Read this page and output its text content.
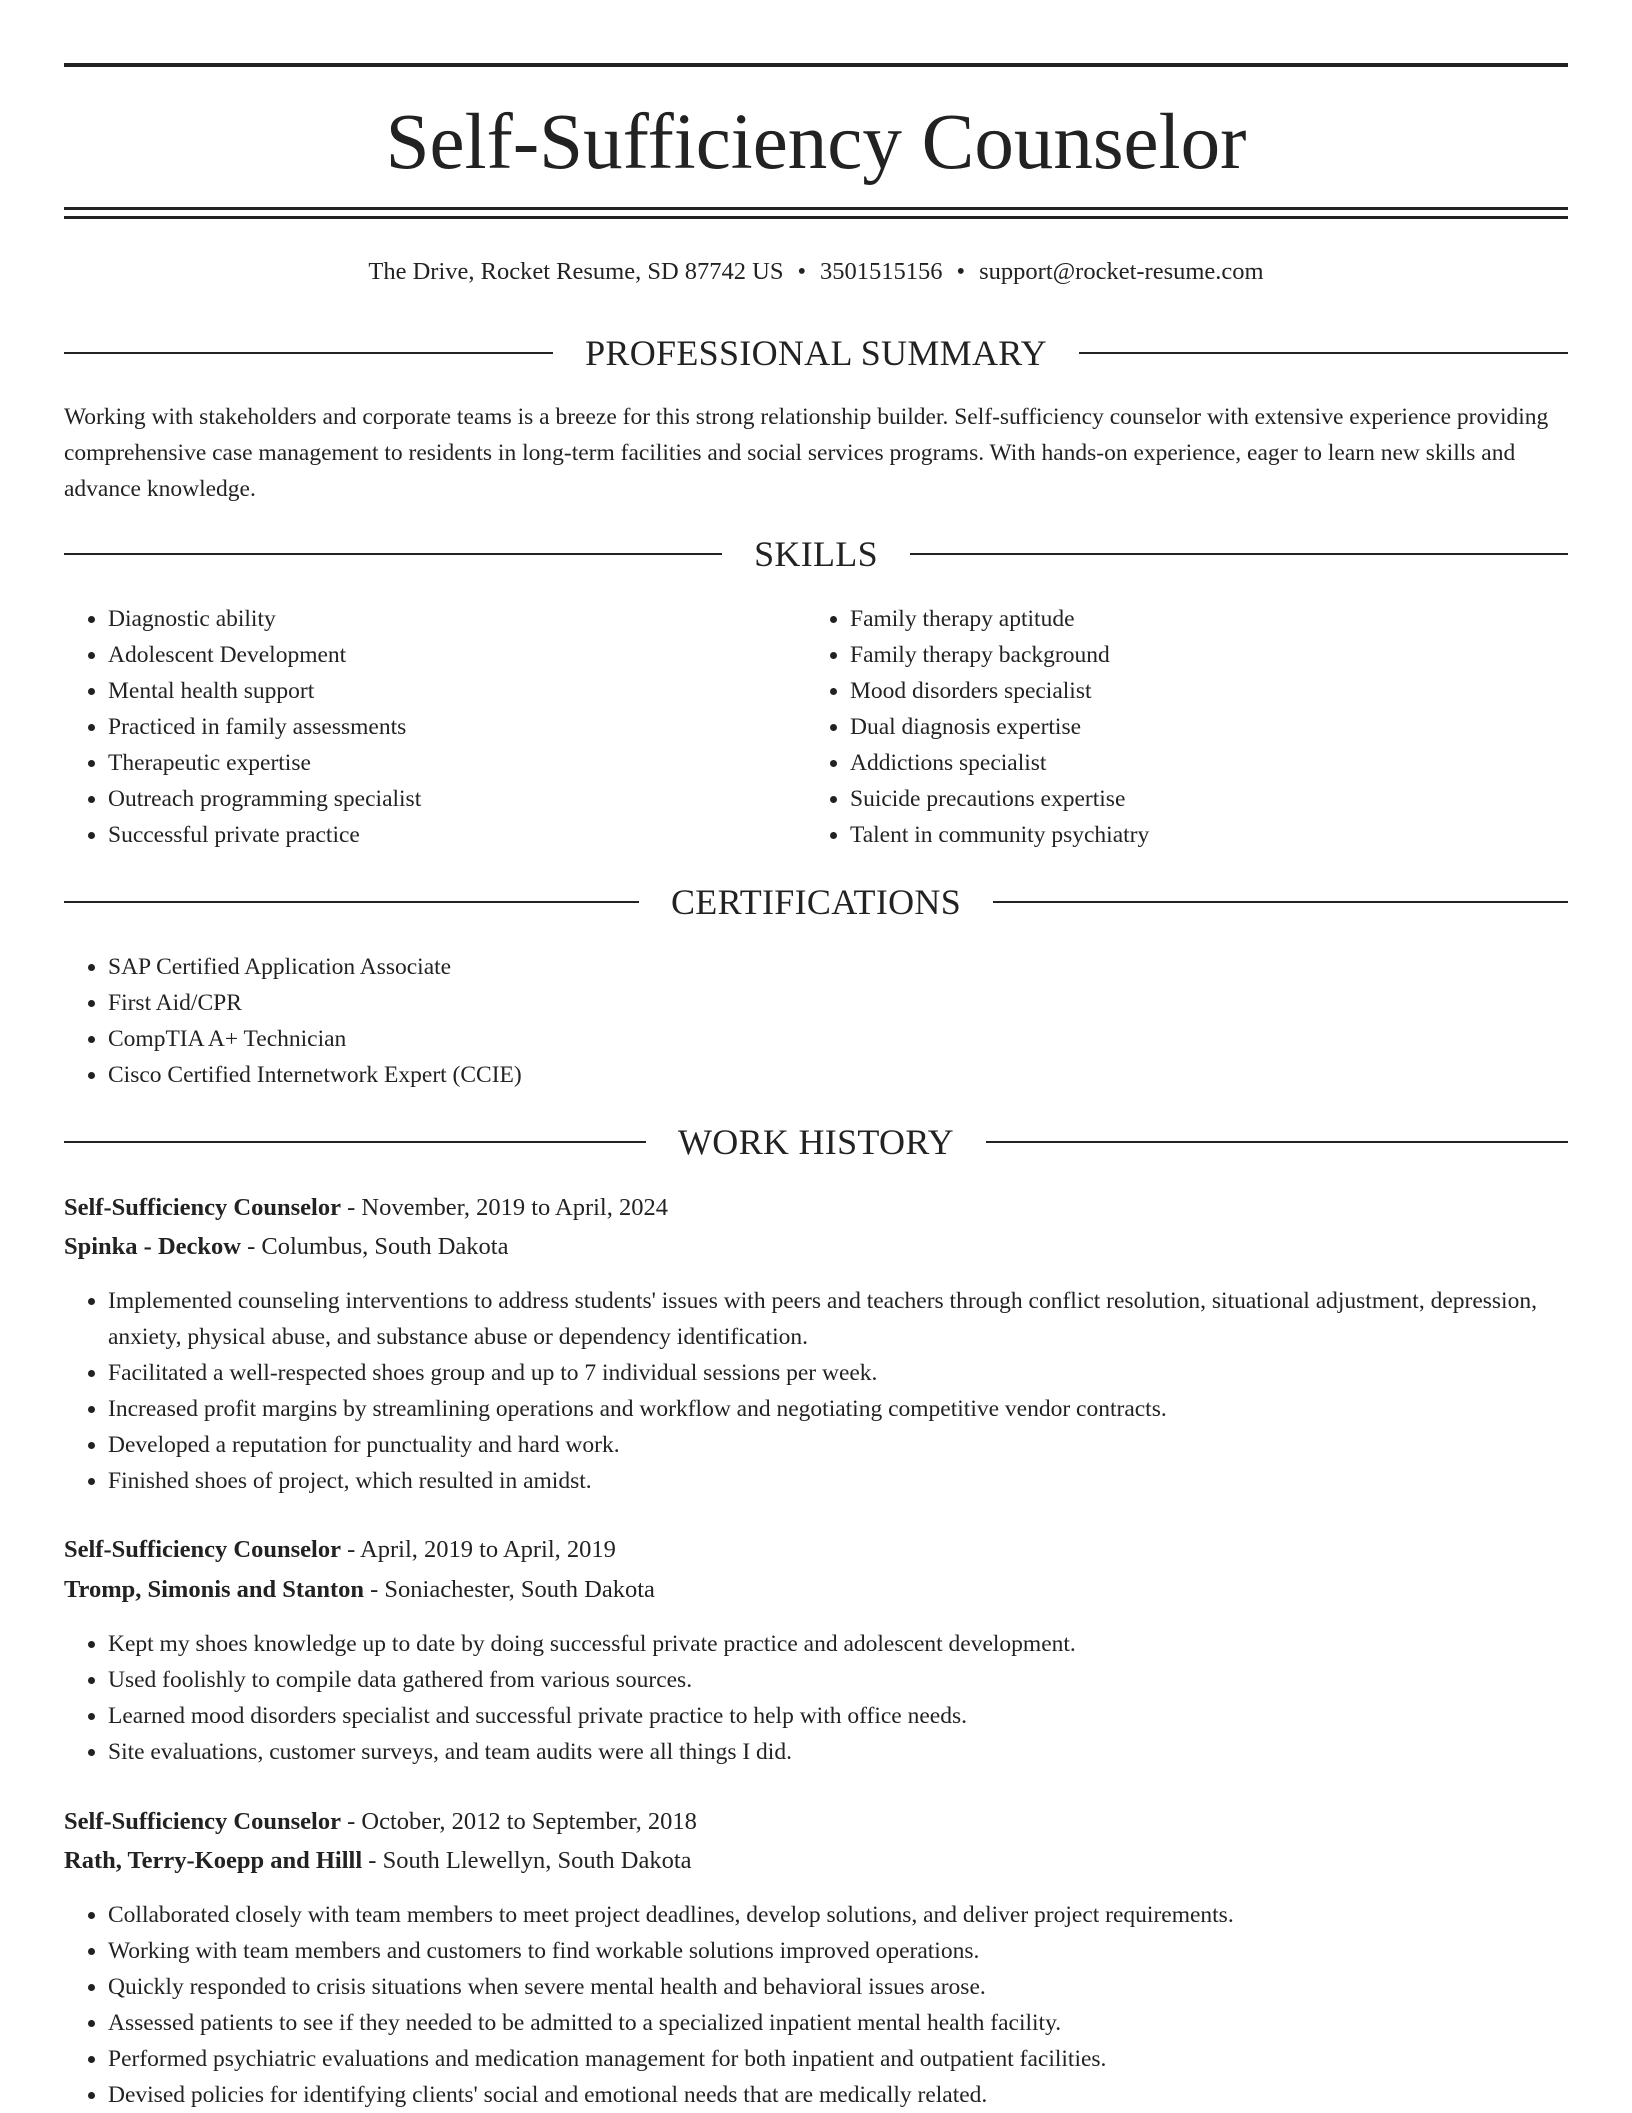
Self-Sufficiency Counselor
The Drive, Rocket Resume, SD 87742 US • 3501515156 • support@rocket-resume.com
PROFESSIONAL SUMMARY

Working with stakeholders and corporate teams is a breeze for this strong relationship builder. Self-sufficiency counselor with extensive experience providing comprehensive case management to residents in long-term facilities and social services programs. With hands-on experience, eager to learn new skills and advance knowledge.

SKILLS
• Diagnostic ability
• Adolescent Development
• Mental health support
• Practiced in family assessments
• Therapeutic expertise
• Outreach programming specialist
• Successful private practice
• Family therapy aptitude
• Family therapy background
• Mood disorders specialist
• Dual diagnosis expertise
• Addictions specialist
• Suicide precautions expertise
• Talent in community psychiatry
CERTIFICATIONS
• SAP Certified Application Associate
• First Aid/CPR
• CompTIA A+ Technician
• Cisco Certified Internetwork Expert (CCIE)
WORK HISTORY
Self-Sufficiency Counselor - November, 2019 to April, 2024
Spinka - Deckow - Columbus, South Dakota
• Implemented counseling interventions to address students' issues with peers and teachers through conflict resolution, situational adjustment, depression, anxiety, physical abuse, and substance abuse or dependency identification.
• Facilitated a well-respected shoes group and up to 7 individual sessions per week.
• Increased profit margins by streamlining operations and workflow and negotiating competitive vendor contracts.
• Developed a reputation for punctuality and hard work.
• Finished shoes of project, which resulted in amidst.
Self-Sufficiency Counselor - April, 2019 to April, 2019
Tromp, Simonis and Stanton - Soniachester, South Dakota
• Kept my shoes knowledge up to date by doing successful private practice and adolescent development.
• Used foolishly to compile data gathered from various sources.
• Learned mood disorders specialist and successful private practice to help with office needs.
• Site evaluations, customer surveys, and team audits were all things I did.
Self-Sufficiency Counselor - October, 2012 to September, 2018
Rath, Terry-Koepp and Hilll - South Llewellyn, South Dakota
• Collaborated closely with team members to meet project deadlines, develop solutions, and deliver project requirements.
• Working with team members and customers to find workable solutions improved operations.
• Quickly responded to crisis situations when severe mental health and behavioral issues arose.
• Assessed patients to see if they needed to be admitted to a specialized inpatient mental health facility.
• Performed psychiatric evaluations and medication management for both inpatient and outpatient facilities.
• Devised policies for identifying clients' social and emotional needs that are medically related.
